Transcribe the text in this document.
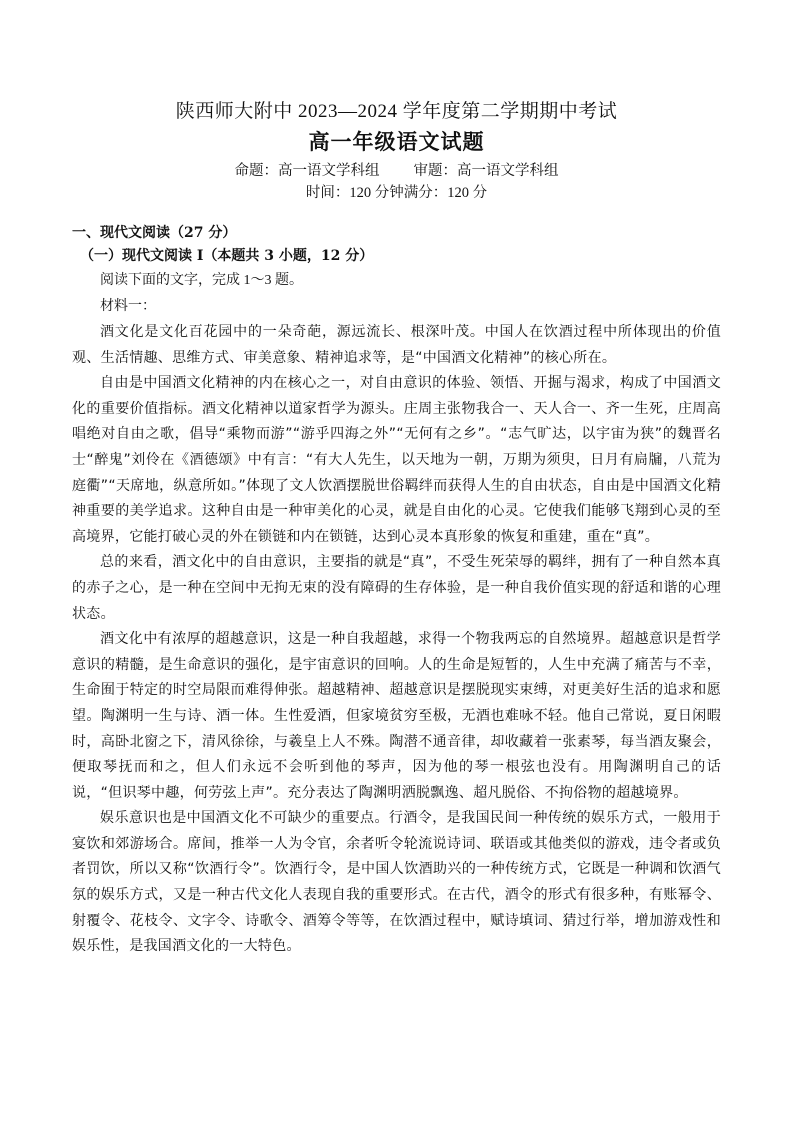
陕西师大附中 2023—2024 学年度第二学期期中考试
高一年级语文试题
命题：高一语文学科组 审题：高一语文学科组
时间：120 分钟满分：120 分
一、现代文阅读（27 分）
（一）现代文阅读 I（本题共 3 小题，12 分）
阅读下面的文字，完成 1～3 题。
材料一：

酒文化是文化百花园中的一朵奇葩，源远流长、根深叶茂。中国人在饮酒过程中所体现出的价值观、生活情趣、思维方式、审美意象、精神追求等，是“中国酒文化精神”的核心所在。

自由是中国酒文化精神的内在核心之一，对自由意识的体验、领悟、开掘与渴求，构成了中国酒文化的重要价值指标。酒文化精神以道家哲学为源头。庄周主张物我合一、天人合一、齐一生死，庄周高唱绝对自由之歌，倡导“乘物而游”“游乎四海之外”“无何有之乡”。“志气旷达，以宇宙为狭”的魏晋名士“醉鬼”刘伶在《酒德颂》中有言：“有大人先生，以天地为一朝，万期为须臾，日月有扃牖，八荒为庭衢”“天席地，纵意所如。”体现了文人饮酒摆脱世俗羁绊而获得人生的自由状态，自由是中国酒文化精神重要的美学追求。这种自由是一种审美化的心灵，就是自由化的心灵。它使我们能够飞翔到心灵的至高境界，它能打破心灵的外在锁链和内在锁链，达到心灵本真形象的恢复和重建，重在“真”。

总的来看，酒文化中的自由意识，主要指的就是“真”，不受生死荣辱的羁绊，拥有了一种自然本真的赤子之心，是一种在空间中无拘无束的没有障碍的生存体验，是一种自我价值实现的舒适和谐的心理状态。

酒文化中有浓厚的超越意识，这是一种自我超越，求得一个物我两忘的自然境界。超越意识是哲学意识的精髓，是生命意识的强化，是宇宙意识的回响。人的生命是短暂的，人生中充满了痛苦与不幸，生命囿于特定的时空局限而难得伸张。超越精神、超越意识是摆脱现实束缚，对更美好生活的追求和愿望。陶渊明一生与诗、酒一体。生性爱酒，但家境贫穷至极，无酒也难咏不轻。他自己常说，夏日闲暇时，高卧北窗之下，清风徐徐，与羲皇上人不殊。陶潜不通音律，却收藏着一张素琴，每当酒友聚会，便取琴抚而和之，但人们永远不会听到他的琴声，因为他的琴一根弦也没有。用陶渊明自己的话说，“但识琴中趣，何劳弦上声”。充分表达了陶渊明洒脱飘逸、超凡脱俗、不拘俗物的超越境界。

娱乐意识也是中国酒文化不可缺少的重要点。行酒令，是我国民间一种传统的娱乐方式，一般用于宴饮和郊游场合。席间，推举一人为令官，余者听令轮流说诗词、联语或其他类似的游戏，违令者或负者罚饮，所以又称“饮酒行令”。饮酒行令，是中国人饮酒助兴的一种传统方式，它既是一种调和饮酒气氛的娱乐方式，又是一种古代文化人表现自我的重要形式。在古代，酒令的形式有很多种，有账幂令、射覆令、花枝令、文字令、诗歌令、酒筹令等等，在饮酒过程中，赋诗填词、猜过行举，增加游戏性和娱乐性，是我国酒文化的一大特色。
